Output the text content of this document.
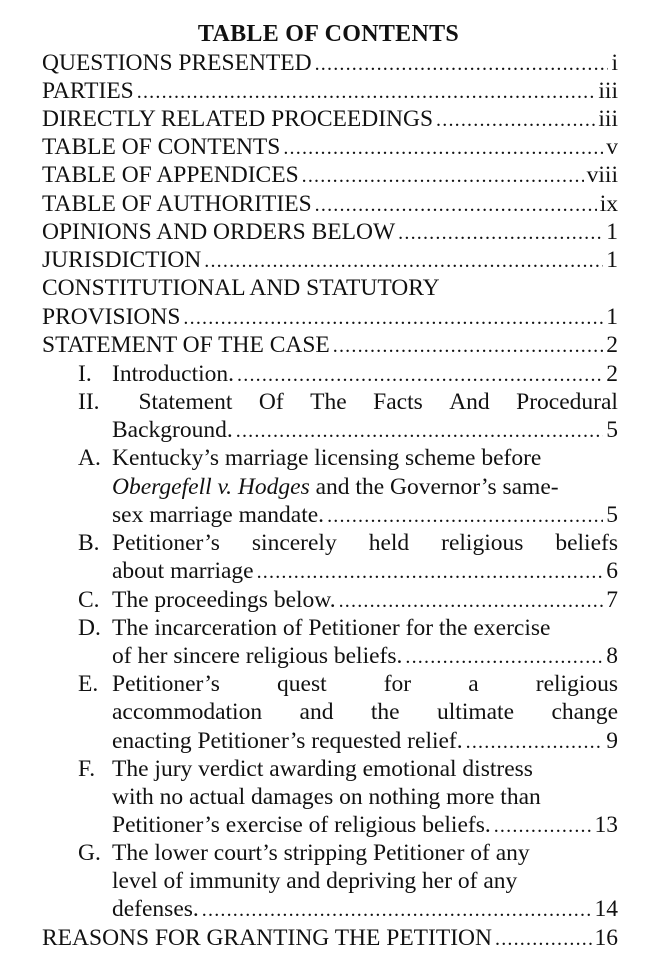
TABLE OF CONTENTS
QUESTIONS PRESENTED .....	i
PARTIES .....	iii
DIRECTLY RELATED PROCEEDINGS .....	iii
TABLE OF CONTENTS .....	v
TABLE OF APPENDICES .....	viii
TABLE OF AUTHORITIES .....	ix
OPINIONS AND ORDERS BELOW .....	1
JURISDICTION .....	1
CONSTITUTIONAL AND STATUTORY
PROVISIONS .....	1
STATEMENT OF THE CASE .....	2
I. Introduction. .....	2
II.	Statement Of The Facts And Procedural
Background. .....	5
A. Kentucky’s marriage licensing scheme before
Obergefell v. Hodges and the Governor’s same-
sex marriage mandate. .....	5
B. Petitioner’s sincerely held religious beliefs
about marriage .....	6
C. The proceedings below. .....	7
D. The incarceration of Petitioner for the exercise
of her sincere religious beliefs. .....	8
E. Petitioner’s quest for a religious
accommodation and the ultimate change
enacting Petitioner’s requested relief. .....	9
F. The jury verdict awarding emotional distress
with no actual damages on nothing more than
Petitioner’s exercise of religious beliefs. .....	13
G. The lower court’s stripping Petitioner of any
level of immunity and depriving her of any
defenses. .....	14
REASONS FOR GRANTING THE PETITION .....	16
